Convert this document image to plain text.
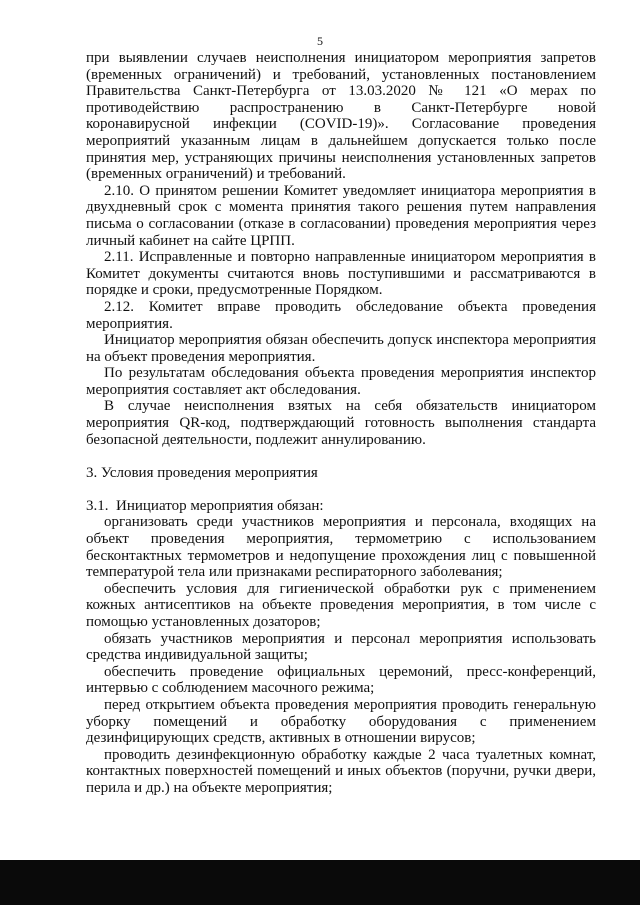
5

при выявлении случаев неисполнения инициатором мероприятия запретов (временных ограничений) и требований, установленных постановлением Правительства Санкт-Петербурга от 13.03.2020 № 121 «О мерах по противодействию распространению в Санкт-Петербурге новой коронавирусной инфекции (COVID-19)». Согласование проведения мероприятий указанным лицам в дальнейшем допускается только после принятия мер, устраняющих причины неисполнения установленных запретов (временных ограничений) и требований.

2.10. О принятом решении Комитет уведомляет инициатора мероприятия в двухдневный срок с момента принятия такого решения путем направления письма о согласовании (отказе в согласовании) проведения мероприятия через личный кабинет на сайте ЦРПП.

2.11. Исправленные и повторно направленные инициатором мероприятия в Комитет документы считаются вновь поступившими и рассматриваются в порядке и сроки, предусмотренные Порядком.

2.12. Комитет вправе проводить обследование объекта проведения мероприятия.

Инициатор мероприятия обязан обеспечить допуск инспектора мероприятия на объект проведения мероприятия.

По результатам обследования объекта проведения мероприятия инспектор мероприятия составляет акт обследования.

В случае неисполнения взятых на себя обязательств инициатором мероприятия QR-код, подтверждающий готовность выполнения стандарта безопасной деятельности, подлежит аннулированию.

3. Условия проведения мероприятия

3.1. Инициатор мероприятия обязан:

организовать среди участников мероприятия и персонала, входящих на объект проведения мероприятия, термометрию с использованием бесконтактных термометров и недопущение прохождения лиц с повышенной температурой тела или признаками респираторного заболевания;

обеспечить условия для гигиенической обработки рук с применением кожных антисептиков на объекте проведения мероприятия, в том числе с помощью установленных дозаторов;

обязать участников мероприятия и персонал мероприятия использовать средства индивидуальной защиты;

обеспечить проведение официальных церемоний, пресс-конференций, интервью с соблюдением масочного режима;

перед открытием объекта проведения мероприятия проводить генеральную уборку помещений и обработку оборудования с применением дезинфицирующих средств, активных в отношении вирусов;

проводить дезинфекционную обработку каждые 2 часа туалетных комнат, контактных поверхностей помещений и иных объектов (поручни, ручки двери, перила и др.) на объекте мероприятия;
